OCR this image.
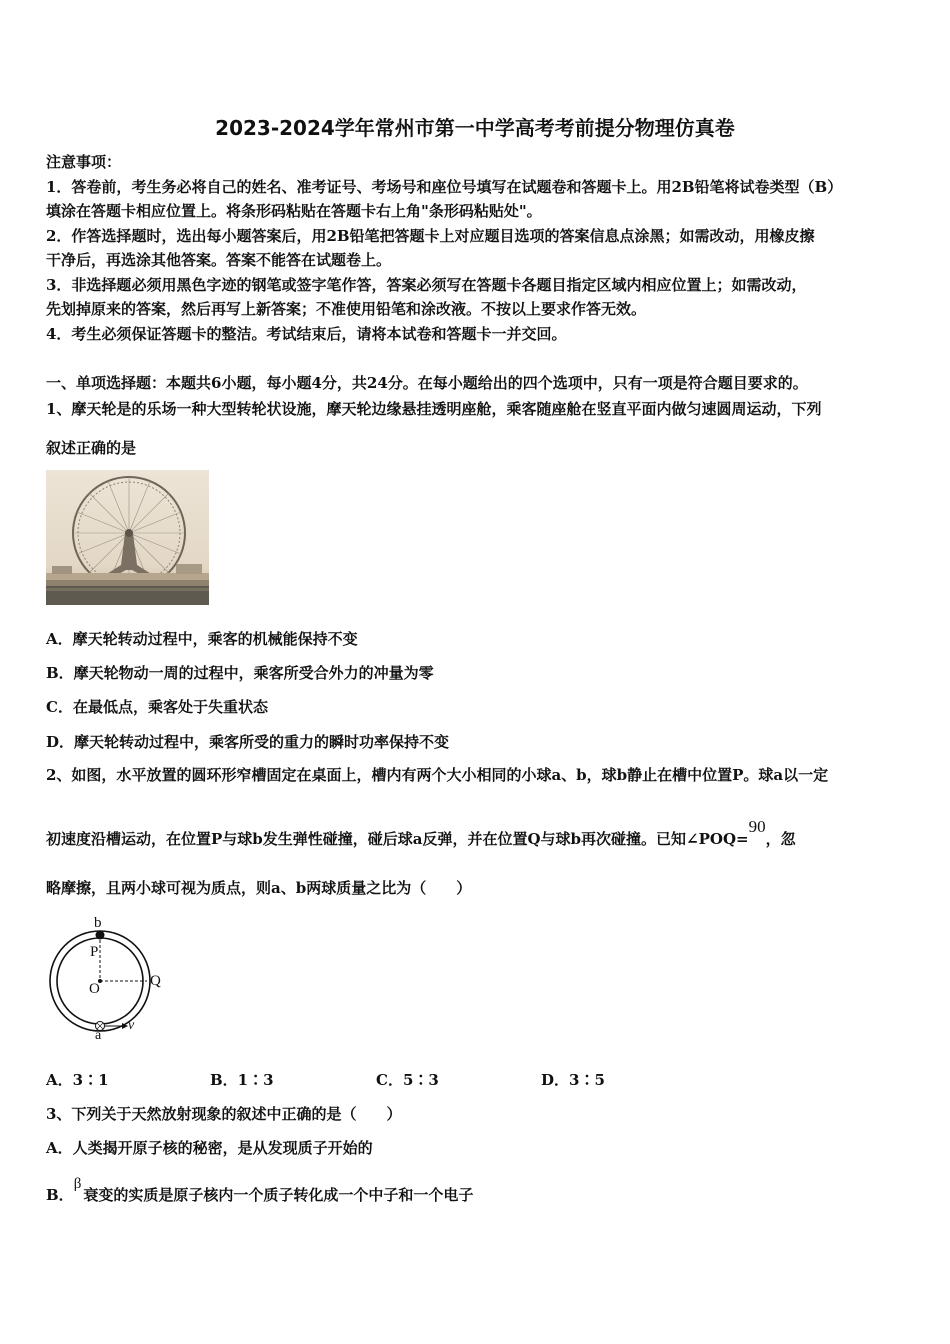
2023-2024学年常州市第一中学高考考前提分物理仿真卷
注意事项：
1．答卷前，考生务必将自己的姓名、准考证号、考场号和座位号填写在试题卷和答题卡上。用2B铅笔将试卷类型（B）
填涂在答题卡相应位置上。将条形码粘贴在答题卡右上角"条形码粘贴处"。
2．作答选择题时，选出每小题答案后，用2B铅笔把答题卡上对应题目选项的答案信息点涂黑；如需改动，用橡皮擦
干净后，再选涂其他答案。答案不能答在试题卷上。
3．非选择题必须用黑色字迹的钢笔或签字笔作答，答案必须写在答题卡各题目指定区域内相应位置上；如需改动，
先划掉原来的答案，然后再写上新答案；不准使用铅笔和涂改液。不按以上要求作答无效。
4．考生必须保证答题卡的整洁。考试结束后，请将本试卷和答题卡一并交回。
一、单项选择题：本题共6小题，每小题4分，共24分。在每小题给出的四个选项中，只有一项是符合题目要求的。
1、摩天轮是的乐场一种大型转轮状设施，摩天轮边缘悬挂透明座舱，乘客随座舱在竖直平面内做匀速圆周运动，下列
叙述正确的是
A．摩天轮转动过程中，乘客的机械能保持不变
B．摩天轮物动一周的过程中，乘客所受合外力的冲量为零
C．在最低点，乘客处于失重状态
D．摩天轮转动过程中，乘客所受的重力的瞬时功率保持不变
2、如图，水平放置的圆环形窄槽固定在桌面上，槽内有两个大小相同的小球a、b，球b静止在槽中位置P。球a以一定
初速度沿槽运动，在位置P与球b发生弹性碰撞，碰后球a反弹，并在位置Q与球b再次碰撞。已知∠POQ=90，忽
略摩擦，且两小球可视为质点，则a、b两球质量之比为（　　）
b
P
O	Q
a
v
A．3∶1	B．1∶3	C．5∶3	D．3∶5
3、下列关于天然放射现象的叙述中正确的是（　　）
A．人类揭开原子核的秘密，是从发现质子开始的
B．β衰变的实质是原子核内一个质子转化成一个中子和一个电子
